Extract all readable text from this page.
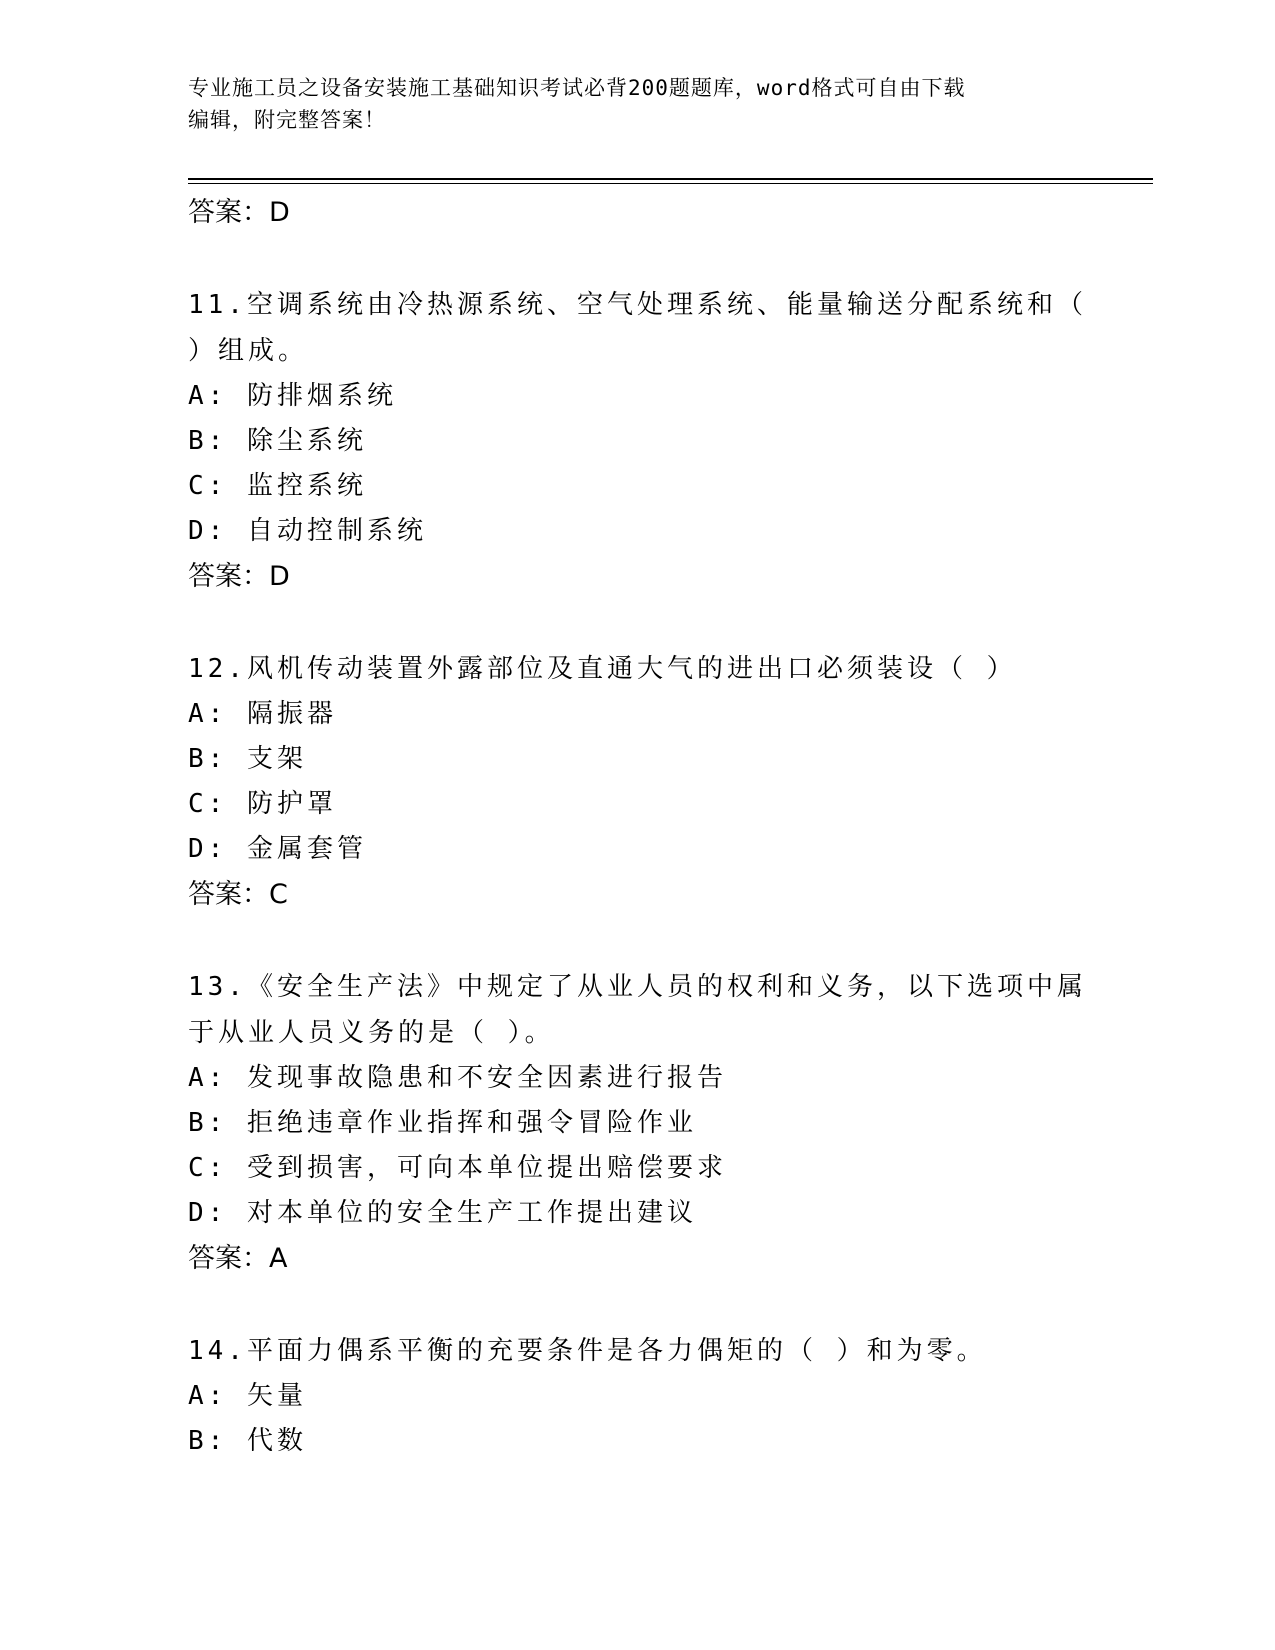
专业施工员之设备安装施工基础知识考试必背200题题库，word格式可自由下载
编辑，附完整答案！
答案：D
11.空调系统由冷热源系统、空气处理系统、能量输送分配系统和（ ）组成。
A: 防排烟系统
B: 除尘系统
C: 监控系统
D: 自动控制系统
答案：D
12.风机传动装置外露部位及直通大气的进出口必须装设（ ）
A: 隔振器
B: 支架
C: 防护罩
D: 金属套管
答案：C
13.《安全生产法》中规定了从业人员的权利和义务，以下选项中属于从业人员义务的是（ ）。
A: 发现事故隐患和不安全因素进行报告
B: 拒绝违章作业指挥和强令冒险作业
C: 受到损害，可向本单位提出赔偿要求
D: 对本单位的安全生产工作提出建议
答案：A
14.平面力偶系平衡的充要条件是各力偶矩的（ ）和为零。
A: 矢量
B: 代数
